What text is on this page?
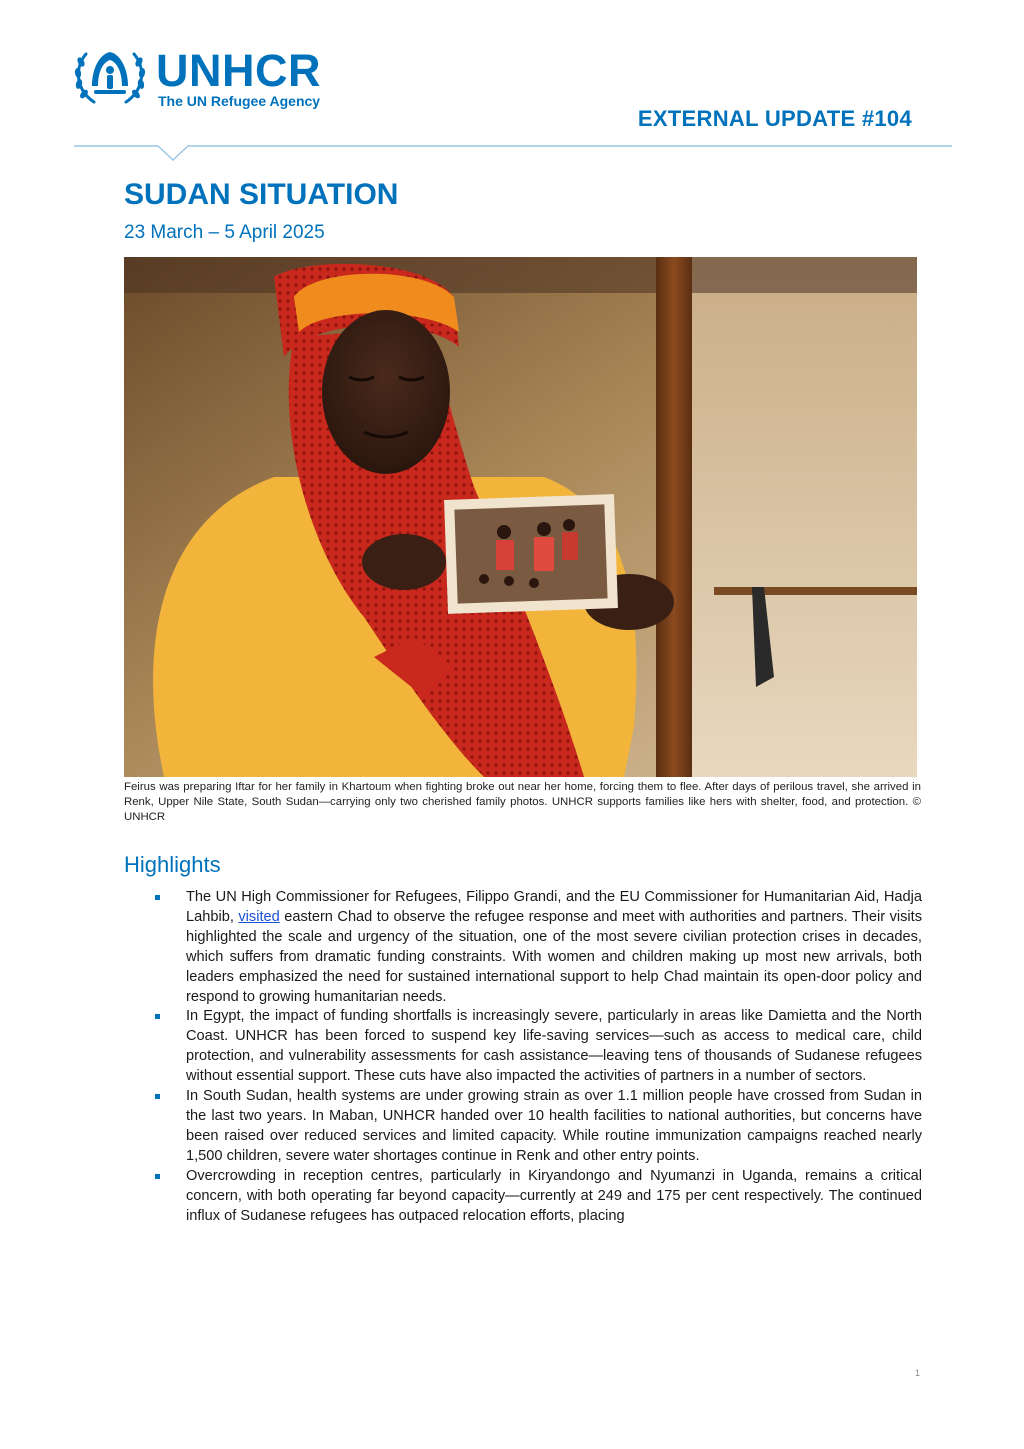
UNHCR
The UN Refugee Agency
EXTERNAL UPDATE #104
SUDAN SITUATION
23 March – 5 April 2025

Feirus was preparing Iftar for her family in Khartoum when fighting broke out near her home, forcing them to flee. After days of perilous travel, she arrived in Renk, Upper Nile State, South Sudan—carrying only two cherished family photos. UNHCR supports families like hers with shelter, food, and protection. © UNHCR

Highlights
The UN High Commissioner for Refugees, Filippo Grandi, and the EU Commissioner for Humanitarian Aid, Hadja Lahbib, visited eastern Chad to observe the refugee response and meet with authorities and partners. Their visits highlighted the scale and urgency of the situation, one of the most severe civilian protection crises in decades, which suffers from dramatic funding constraints. With women and children making up most new arrivals, both leaders emphasized the need for sustained international support to help Chad maintain its open-door policy and respond to growing humanitarian needs.
In Egypt, the impact of funding shortfalls is increasingly severe, particularly in areas like Damietta and the North Coast. UNHCR has been forced to suspend key life-saving services—such as access to medical care, child protection, and vulnerability assessments for cash assistance—leaving tens of thousands of Sudanese refugees without essential support. These cuts have also impacted the activities of partners in a number of sectors.
In South Sudan, health systems are under growing strain as over 1.1 million people have crossed from Sudan in the last two years. In Maban, UNHCR handed over 10 health facilities to national authorities, but concerns have been raised over reduced services and limited capacity. While routine immunization campaigns reached nearly 1,500 children, severe water shortages continue in Renk and other entry points.
Overcrowding in reception centres, particularly in Kiryandongo and Nyumanzi in Uganda, remains a critical concern, with both operating far beyond capacity—currently at 249 and 175 per cent respectively. The continued influx of Sudanese refugees has outpaced relocation efforts, placing
1
